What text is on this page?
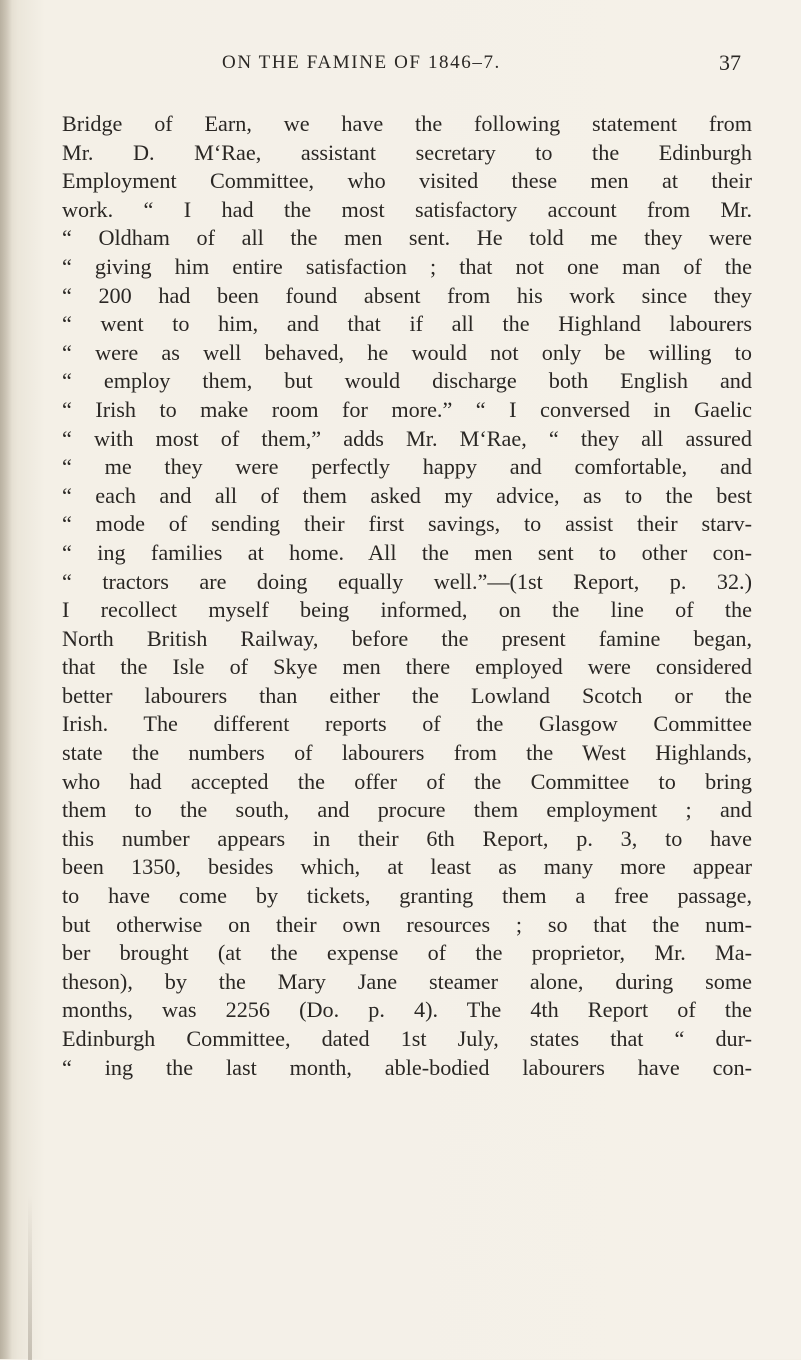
ON THE FAMINE OF 1846–7.	37
Bridge of Earn, we have the following statement from
Mr. D. M‘Rae, assistant secretary to the Edinburgh
Employment Committee, who visited these men at their
work. “ I had the most satisfactory account from Mr.
“ Oldham of all the men sent. He told me they were
“ giving him entire satisfaction ; that not one man of the
“ 200 had been found absent from his work since they
“ went to him, and that if all the Highland labourers
“ were as well behaved, he would not only be willing to
“ employ them, but would discharge both English and
“ Irish to make room for more.” “ I conversed in Gaelic
“ with most of them,” adds Mr. M‘Rae, “ they all assured
“ me they were perfectly happy and comfortable, and
“ each and all of them asked my advice, as to the best
“ mode of sending their first savings, to assist their starv-
“ ing families at home. All the men sent to other con-
“ tractors are doing equally well.”—(1st Report, p. 32.)
I recollect myself being informed, on the line of the
North British Railway, before the present famine began,
that the Isle of Skye men there employed were considered
better labourers than either the Lowland Scotch or the
Irish. The different reports of the Glasgow Committee
state the numbers of labourers from the West Highlands,
who had accepted the offer of the Committee to bring
them to the south, and procure them employment ; and
this number appears in their 6th Report, p. 3, to have
been 1350, besides which, at least as many more appear
to have come by tickets, granting them a free passage,
but otherwise on their own resources ; so that the num-
ber brought (at the expense of the proprietor, Mr. Ma-
theson), by the Mary Jane steamer alone, during some
months, was 2256 (Do. p. 4). The 4th Report of the
Edinburgh Committee, dated 1st July, states that “ dur-
“ ing the last month, able-bodied labourers have con-
